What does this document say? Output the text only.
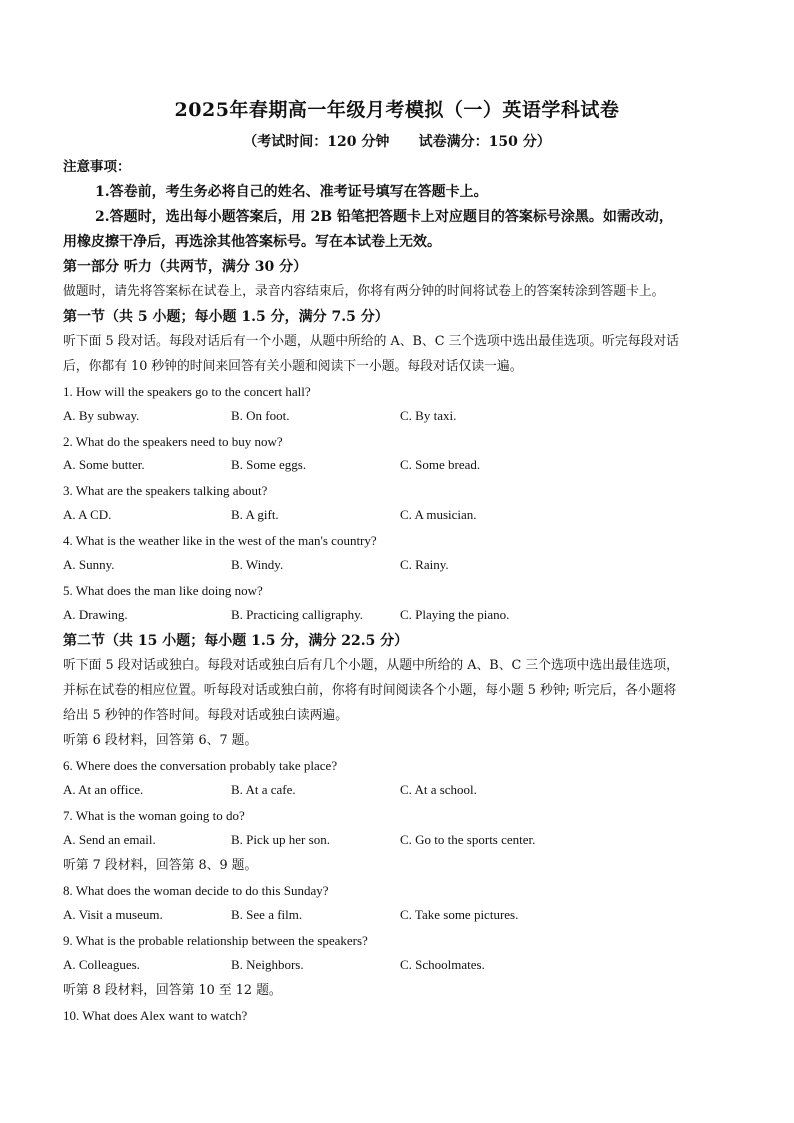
2025年春期高一年级月考模拟（一）英语学科试卷
（考试时间：120 分钟      试卷满分：150 分）
注意事项：
1.答卷前，考生务必将自己的姓名、准考证号填写在答题卡上。
2.答题时，选出每小题答案后，用 2B 铅笔把答题卡上对应题目的答案标号涂黑。如需改动，
用橡皮擦干净后，再选涂其他答案标号。写在本试卷上无效。
第一部分 听力（共两节，满分 30 分）
做题时，请先将答案标在试卷上，录音内容结束后，你将有两分钟的时间将试卷上的答案转涂到答题卡上。
第一节（共 5 小题；每小题 1.5 分，满分 7.5 分）
听下面 5 段对话。每段对话后有一个小题，从题中所给的 A、B、C 三个选项中选出最佳选项。听完每段对话
后，你都有 10 秒钟的时间来回答有关小题和阅读下一小题。每段对话仅读一遍。
1. How will the speakers go to the concert hall?
A. By subway.	B. On foot.	C. By taxi.
2. What do the speakers need to buy now?
A. Some butter.	B. Some eggs.	C. Some bread.
3. What are the speakers talking about?
A. A CD.	B. A gift.	C. A musician.
4. What is the weather like in the west of the man's country?
A. Sunny.	B. Windy.	C. Rainy.
5. What does the man like doing now?
A. Drawing.	B. Practicing calligraphy.	C. Playing the piano.
第二节（共 15 小题；每小题 1.5 分，满分 22.5 分）
听下面 5 段对话或独白。每段对话或独白后有几个小题，从题中所给的 A、B、C 三个选项中选出最佳选项，
并标在试卷的相应位置。听每段对话或独白前，你将有时间阅读各个小题，每小题 5 秒钟; 听完后，各小题将
给出 5 秒钟的作答时间。每段对话或独白读两遍。
听第 6 段材料，回答第 6、7 题。
6. Where does the conversation probably take place?
A. At an office.	B. At a cafe.	C. At a school.
7. What is the woman going to do?
A. Send an email.	B. Pick up her son.	C. Go to the sports center.
听第 7 段材料，回答第 8、9 题。
8. What does the woman decide to do this Sunday?
A. Visit a museum.	B. See a film.	C. Take some pictures.
9. What is the probable relationship between the speakers?
A. Colleagues.	B. Neighbors.	C. Schoolmates.
听第 8 段材料，回答第 10 至 12 题。
10. What does Alex want to watch?
